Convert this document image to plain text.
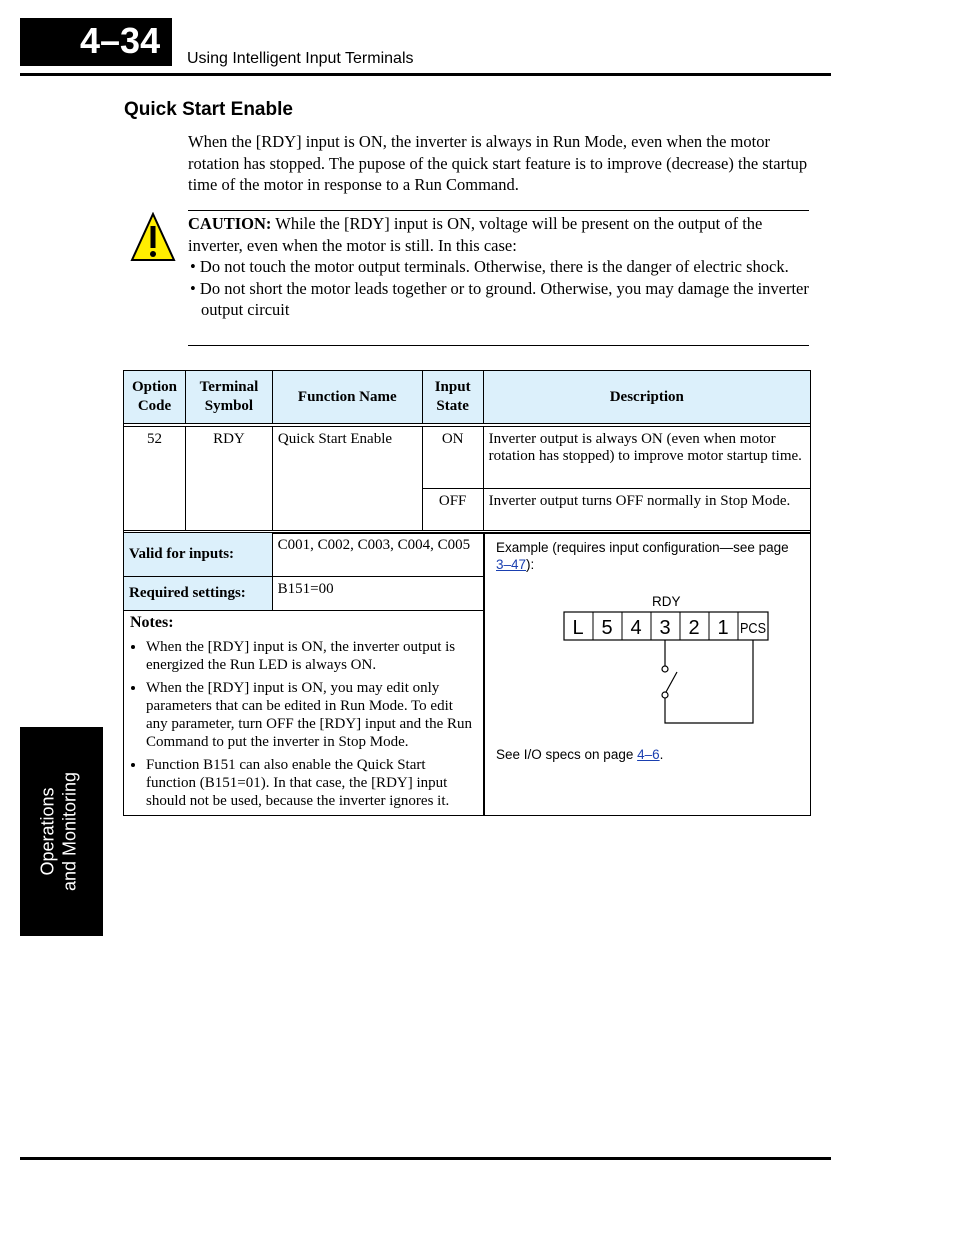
4–34	Using Intelligent Input Terminals
Quick Start Enable
When the [RDY] input is ON, the inverter is always in Run Mode, even when the motor rotation has stopped. The pupose of the quick start feature is to improve (decrease) the startup time of the motor in response to a Run Command.
CAUTION: While the [RDY] input is ON, voltage will be present on the output of the inverter, even when the motor is still. In this case:
• Do not touch the motor output terminals. Otherwise, there is the danger of electric shock.
• Do not short the motor leads together or to ground. Otherwise, you may damage the inverter output circuit
Option Code	Terminal Symbol	Function Name	Input State	Description

52	RDY	Quick Start Enable	ON	Inverter output is always ON (even when motor rotation has stopped) to improve motor startup time.
			OFF	Inverter output turns OFF normally in Stop Mode.

Valid for inputs:	C001, C002, C003, C004, C005
Required settings:	B151=00
Notes:
• When the [RDY] input is ON, the inverter output is energized the Run LED is always ON.
• When the [RDY] input is ON, you may edit only parameters that can be edited in Run Mode. To edit any parameter, turn OFF the [RDY] input and the Run Command to put the inverter in Stop Mode.
• Function B151 can also enable the Quick Start function (B151=01). In that case, the [RDY] input should not be used, because the inverter ignores it.
Example (requires input configuration—see page 3–47):
RDY
L 5 4 3 2 1 PCS
See I/O specs on page 4–6.
Operations and Monitoring
